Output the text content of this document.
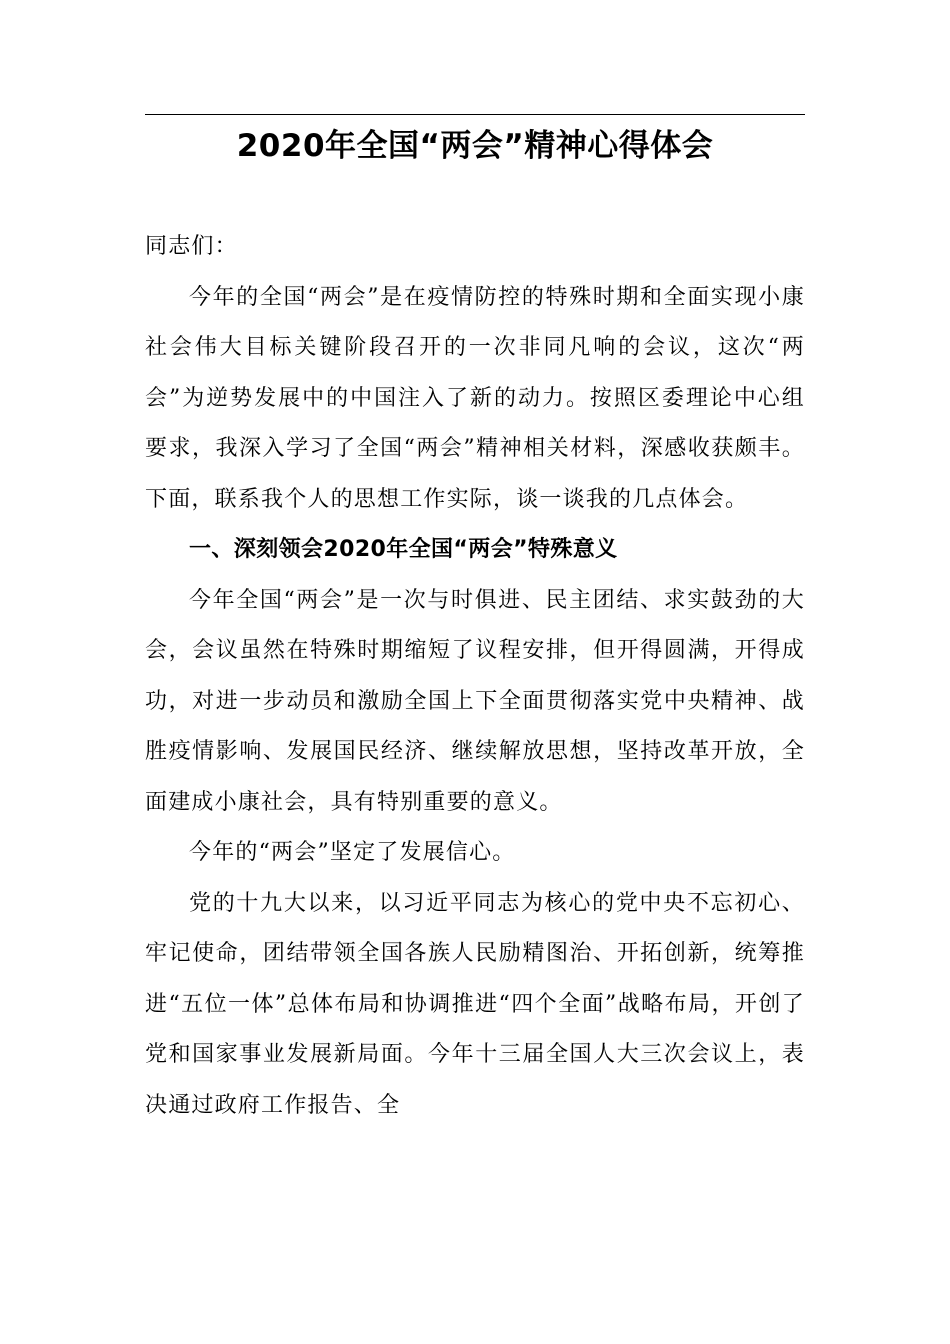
2020年全国“两会”精神心得体会

同志们：

今年的全国“两会”是在疫情防控的特殊时期和全面实现小康社会伟大目标关键阶段召开的一次非同凡响的会议，这次“两会”为逆势发展中的中国注入了新的动力。按照区委理论中心组要求，我深入学习了全国“两会”精神相关材料，深感收获颇丰。下面，联系我个人的思想工作实际，谈一谈我的几点体会。

一、深刻领会2020年全国“两会”特殊意义

今年全国“两会”是一次与时俱进、民主团结、求实鼓劲的大会，会议虽然在特殊时期缩短了议程安排，但开得圆满，开得成功，对进一步动员和激励全国上下全面贯彻落实党中央精神、战胜疫情影响、发展国民经济、继续解放思想，坚持改革开放，全面建成小康社会，具有特别重要的意义。

今年的“两会”坚定了发展信心。

党的十九大以来，以习近平同志为核心的党中央不忘初心、牢记使命，团结带领全国各族人民励精图治、开拓创新，统筹推进“五位一体”总体布局和协调推进“四个全面”战略布局，开创了党和国家事业发展新局面。今年十三届全国人大三次会议上，表决通过政府工作报告、全
